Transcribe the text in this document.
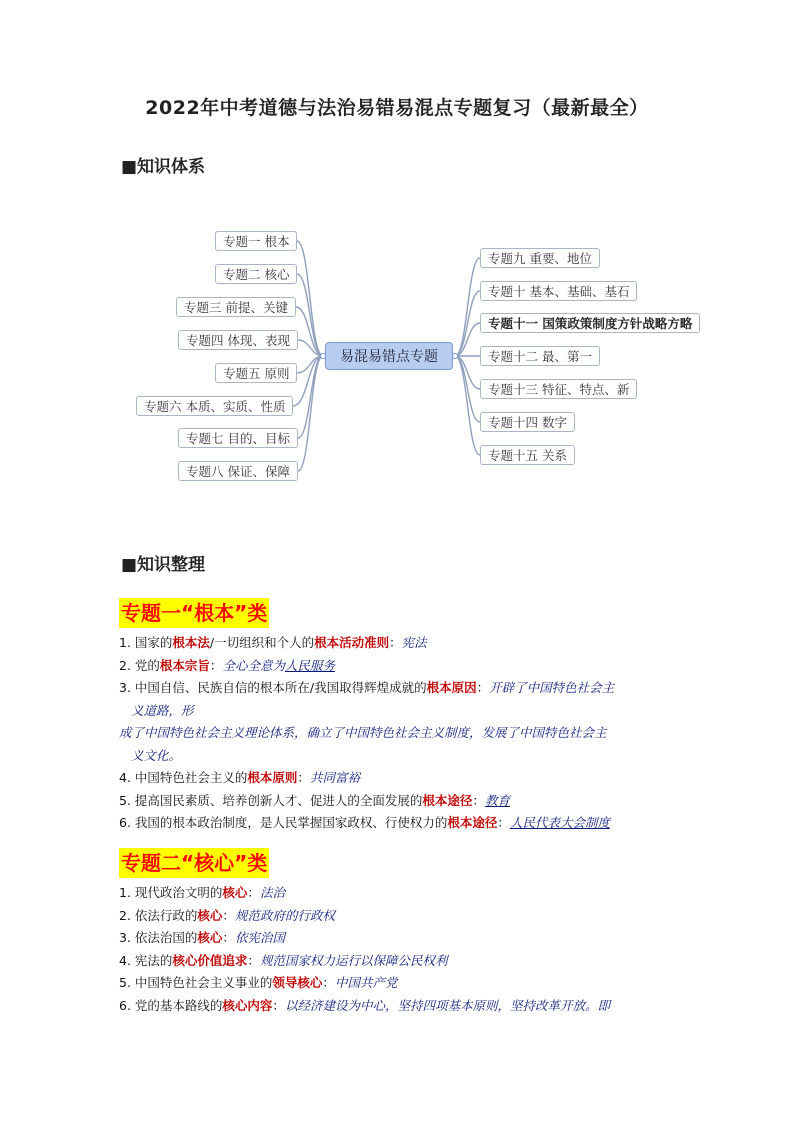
2022年中考道德与法治易错易混点专题复习（最新最全）
■知识体系
易混易错点专题
专题一 根本
专题二 核心
专题三 前提、关键
专题四 体现、表现
专题五 原则
专题六 本质、实质、性质
专题七 目的、目标
专题八 保证、保障
专题九 重要、地位
专题十 基本、基础、基石
专题十一 国策政策制度方针战略方略
专题十二 最、第一
专题十三 特征、特点、新
专题十四 数字
专题十五 关系
■知识整理
专题一“根本”类
1. 国家的根本法/一切组织和个人的根本活动准则：宪法
2. 党的根本宗旨：全心全意为人民服务
3. 中国自信、民族自信的根本所在/我国取得辉煌成就的根本原因：开辟了中国特色社会主
义道路，形
成了中国特色社会主义理论体系，确立了中国特色社会主义制度，发展了中国特色社会主
义文化。
4. 中国特色社会主义的根本原则：共同富裕
5. 提高国民素质、培养创新人才、促进人的全面发展的根本途径：教育
6. 我国的根本政治制度，是人民掌握国家政权、行使权力的根本途径：人民代表大会制度
专题二“核心”类
1. 现代政治文明的核心：法治
2. 依法行政的核心：规范政府的行政权
3. 依法治国的核心：依宪治国
4. 宪法的核心价值追求：规范国家权力运行以保障公民权利
5. 中国特色社会主义事业的领导核心：中国共产党
6. 党的基本路线的核心内容：以经济建设为中心，坚持四项基本原则，坚持改革开放。即
